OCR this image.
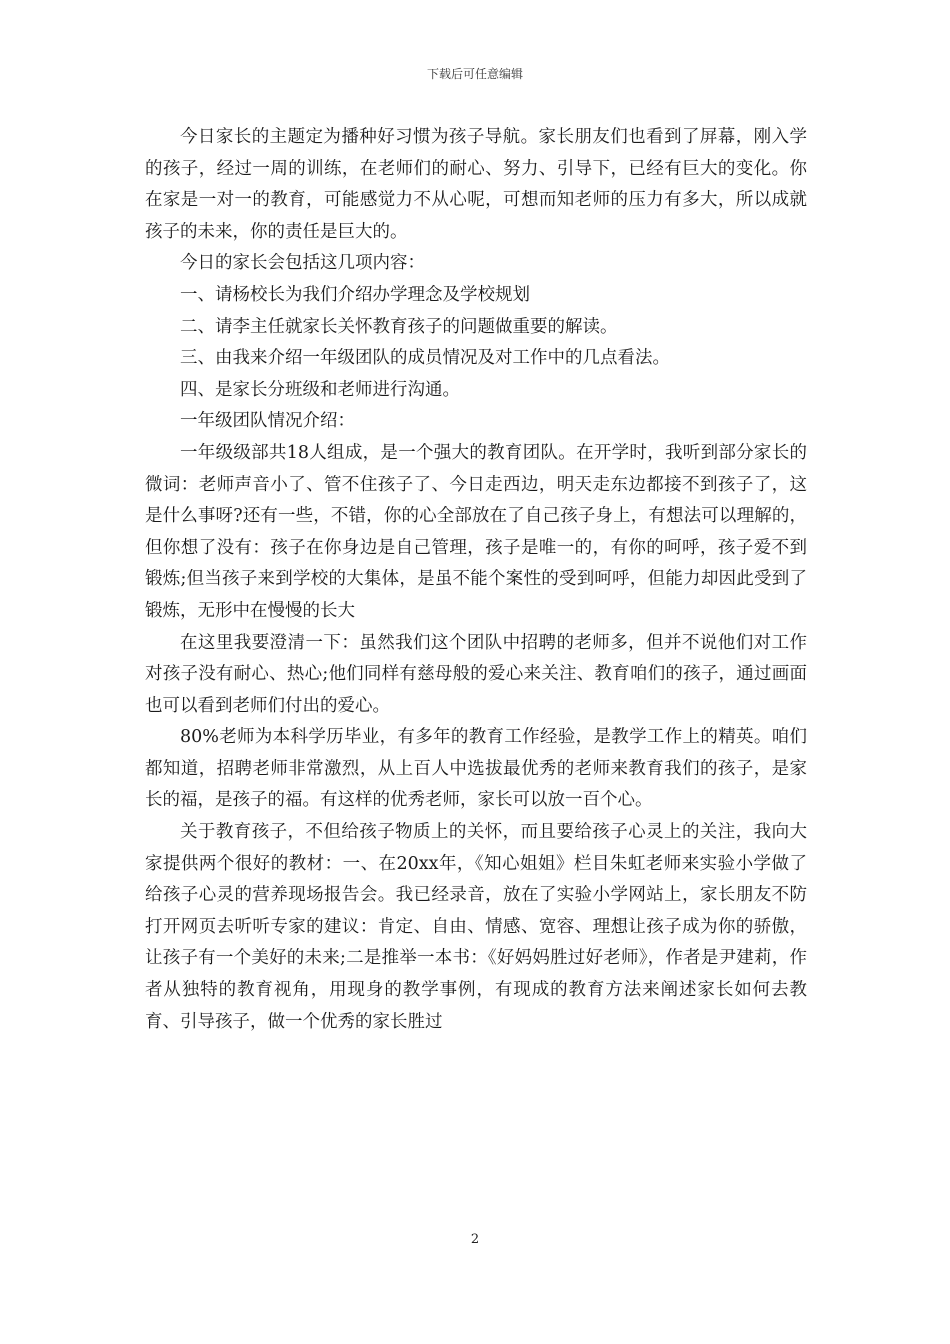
下载后可任意编辑

今日家长的主题定为播种好习惯为孩子导航。家长朋友们也看到了屏幕，刚入学的孩子，经过一周的训练，在老师们的耐心、努力、引导下，已经有巨大的变化。你在家是一对一的教育，可能感觉力不从心呢，可想而知老师的压力有多大，所以成就孩子的未来，你的责任是巨大的。

今日的家长会包括这几项内容：

一、请杨校长为我们介绍办学理念及学校规划

二、请李主任就家长关怀教育孩子的问题做重要的解读。

三、由我来介绍一年级团队的成员情况及对工作中的几点看法。

四、是家长分班级和老师进行沟通。

一年级团队情况介绍：

一年级级部共18人组成，是一个强大的教育团队。在开学时，我听到部分家长的微词：老师声音小了、管不住孩子了、今日走西边，明天走东边都接不到孩子了，这是什么事呀?还有一些，不错，你的心全部放在了自己孩子身上，有想法可以理解的，但你想了没有：孩子在你身边是自己管理，孩子是唯一的，有你的呵呼，孩子爱不到锻炼;但当孩子来到学校的大集体，是虽不能个案性的受到呵呼，但能力却因此受到了锻炼，无形中在慢慢的长大

在这里我要澄清一下：虽然我们这个团队中招聘的老师多，但并不说他们对工作对孩子没有耐心、热心;他们同样有慈母般的爱心来关注、教育咱们的孩子，通过画面也可以看到老师们付出的爱心。

80%老师为本科学历毕业，有多年的教育工作经验，是教学工作上的精英。咱们都知道，招聘老师非常激烈，从上百人中选拔最优秀的老师来教育我们的孩子，是家长的福，是孩子的福。有这样的优秀老师，家长可以放一百个心。

关于教育孩子，不但给孩子物质上的关怀，而且要给孩子心灵上的关注，我向大家提供两个很好的教材：一、在20xx年，《知心姐姐》栏目朱虹老师来实验小学做了给孩子心灵的营养现场报告会。我已经录音，放在了实验小学网站上，家长朋友不防打开网页去听听专家的建议：肯定、自由、情感、宽容、理想让孩子成为你的骄傲，让孩子有一个美好的未来;二是推举一本书：《好妈妈胜过好老师》，作者是尹建莉，作者从独特的教育视角，用现身的教学事例，有现成的教育方法来阐述家长如何去教育、引导孩子，做一个优秀的家长胜过

2
